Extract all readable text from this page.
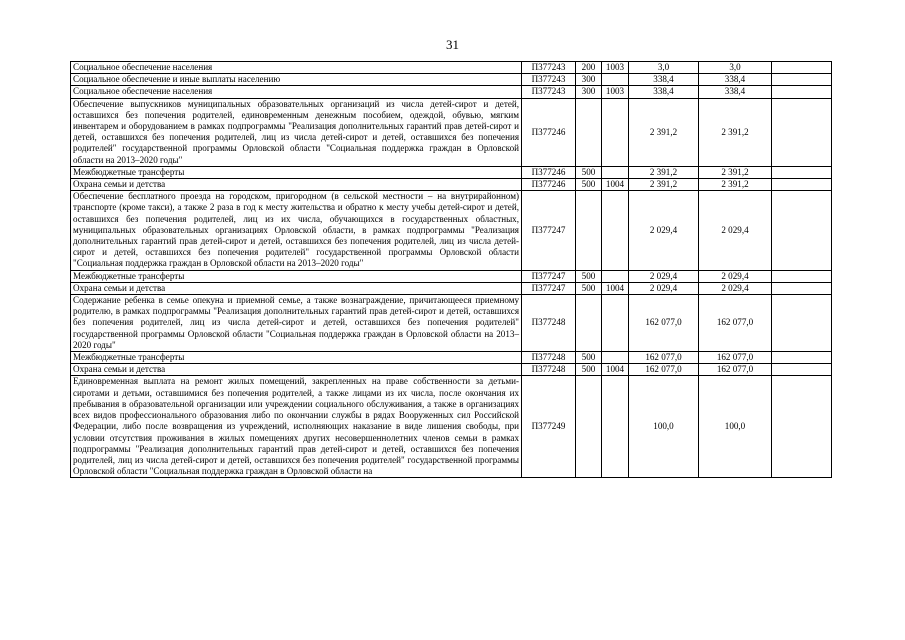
31
Социальное обеспечение населения	П377243	200	1003	3,0	3,0	
Социальное обеспечение и иные выплаты населению	П377243	300		338,4	338,4	
Социальное обеспечение населения	П377243	300	1003	338,4	338,4	
Обеспечение выпускников муниципальных образовательных организаций из числа детей-сирот и детей, оставшихся без попечения родителей, единовременным денежным пособием, одеждой, обувью, мягким инвентарем и оборудованием в рамках подпрограммы "Реализация дополнительных гарантий прав детей-сирот и детей, оставшихся без попечения родителей, лиц из числа детей-сирот и детей, оставшихся без попечения родителей" государственной программы Орловской области "Социальная поддержка граждан в Орловской области на 2013–2020 годы"	П377246			2 391,2	2 391,2	
Межбюджетные трансферты	П377246	500		2 391,2	2 391,2	
Охрана семьи и детства	П377246	500	1004	2 391,2	2 391,2	
Обеспечение бесплатного проезда на городском, пригородном (в сельской местности – на внутрирайонном) транспорте (кроме такси), а также 2 раза в год к месту жительства и обратно к месту учебы детей-сирот и детей, оставшихся без попечения родителей, лиц из их числа, обучающихся в государственных областных, муниципальных образовательных организациях Орловской области, в рамках подпрограммы "Реализация дополнительных гарантий прав детей-сирот и детей, оставшихся без попечения родителей, лиц из числа детей-сирот и детей, оставшихся без попечения родителей" государственной программы Орловской области "Социальная поддержка граждан в Орловской области на 2013–2020 годы"	П377247			2 029,4	2 029,4	
Межбюджетные трансферты	П377247	500		2 029,4	2 029,4	
Охрана семьи и детства	П377247	500	1004	2 029,4	2 029,4	
Содержание ребенка в семье опекуна и приемной семье, а также вознаграждение, причитающееся приемному родителю, в рамках подпрограммы "Реализация дополнительных гарантий прав детей-сирот и детей, оставшихся без попечения родителей, лиц из числа детей-сирот и детей, оставшихся без попечения родителей" государственной программы Орловской области "Социальная поддержка граждан в Орловской области на 2013–2020 годы"	П377248			162 077,0	162 077,0	
Межбюджетные трансферты	П377248	500		162 077,0	162 077,0	
Охрана семьи и детства	П377248	500	1004	162 077,0	162 077,0	
Единовременная выплата на ремонт жилых помещений, закрепленных на праве собственности за детьми-сиротами и детьми, оставшимися без попечения родителей, а также лицами из их числа, после окончания их пребывания в образовательной организации или учреждении социального обслуживания, а также в организациях всех видов профессионального образования либо по окончании службы в рядах Вооруженных сил Российской Федерации, либо после возвращения из учреждений, исполняющих наказание в виде лишения свободы, при условии отсутствия проживания в жилых помещениях других несовершеннолетних членов семьи в рамках подпрограммы "Реализация дополнительных гарантий прав детей-сирот и детей, оставшихся без попечения родителей, лиц из числа детей-сирот и детей, оставшихся без попечения родителей" государственной программы Орловской области "Социальная поддержка граждан в Орловской области на	П377249			100,0	100,0	
